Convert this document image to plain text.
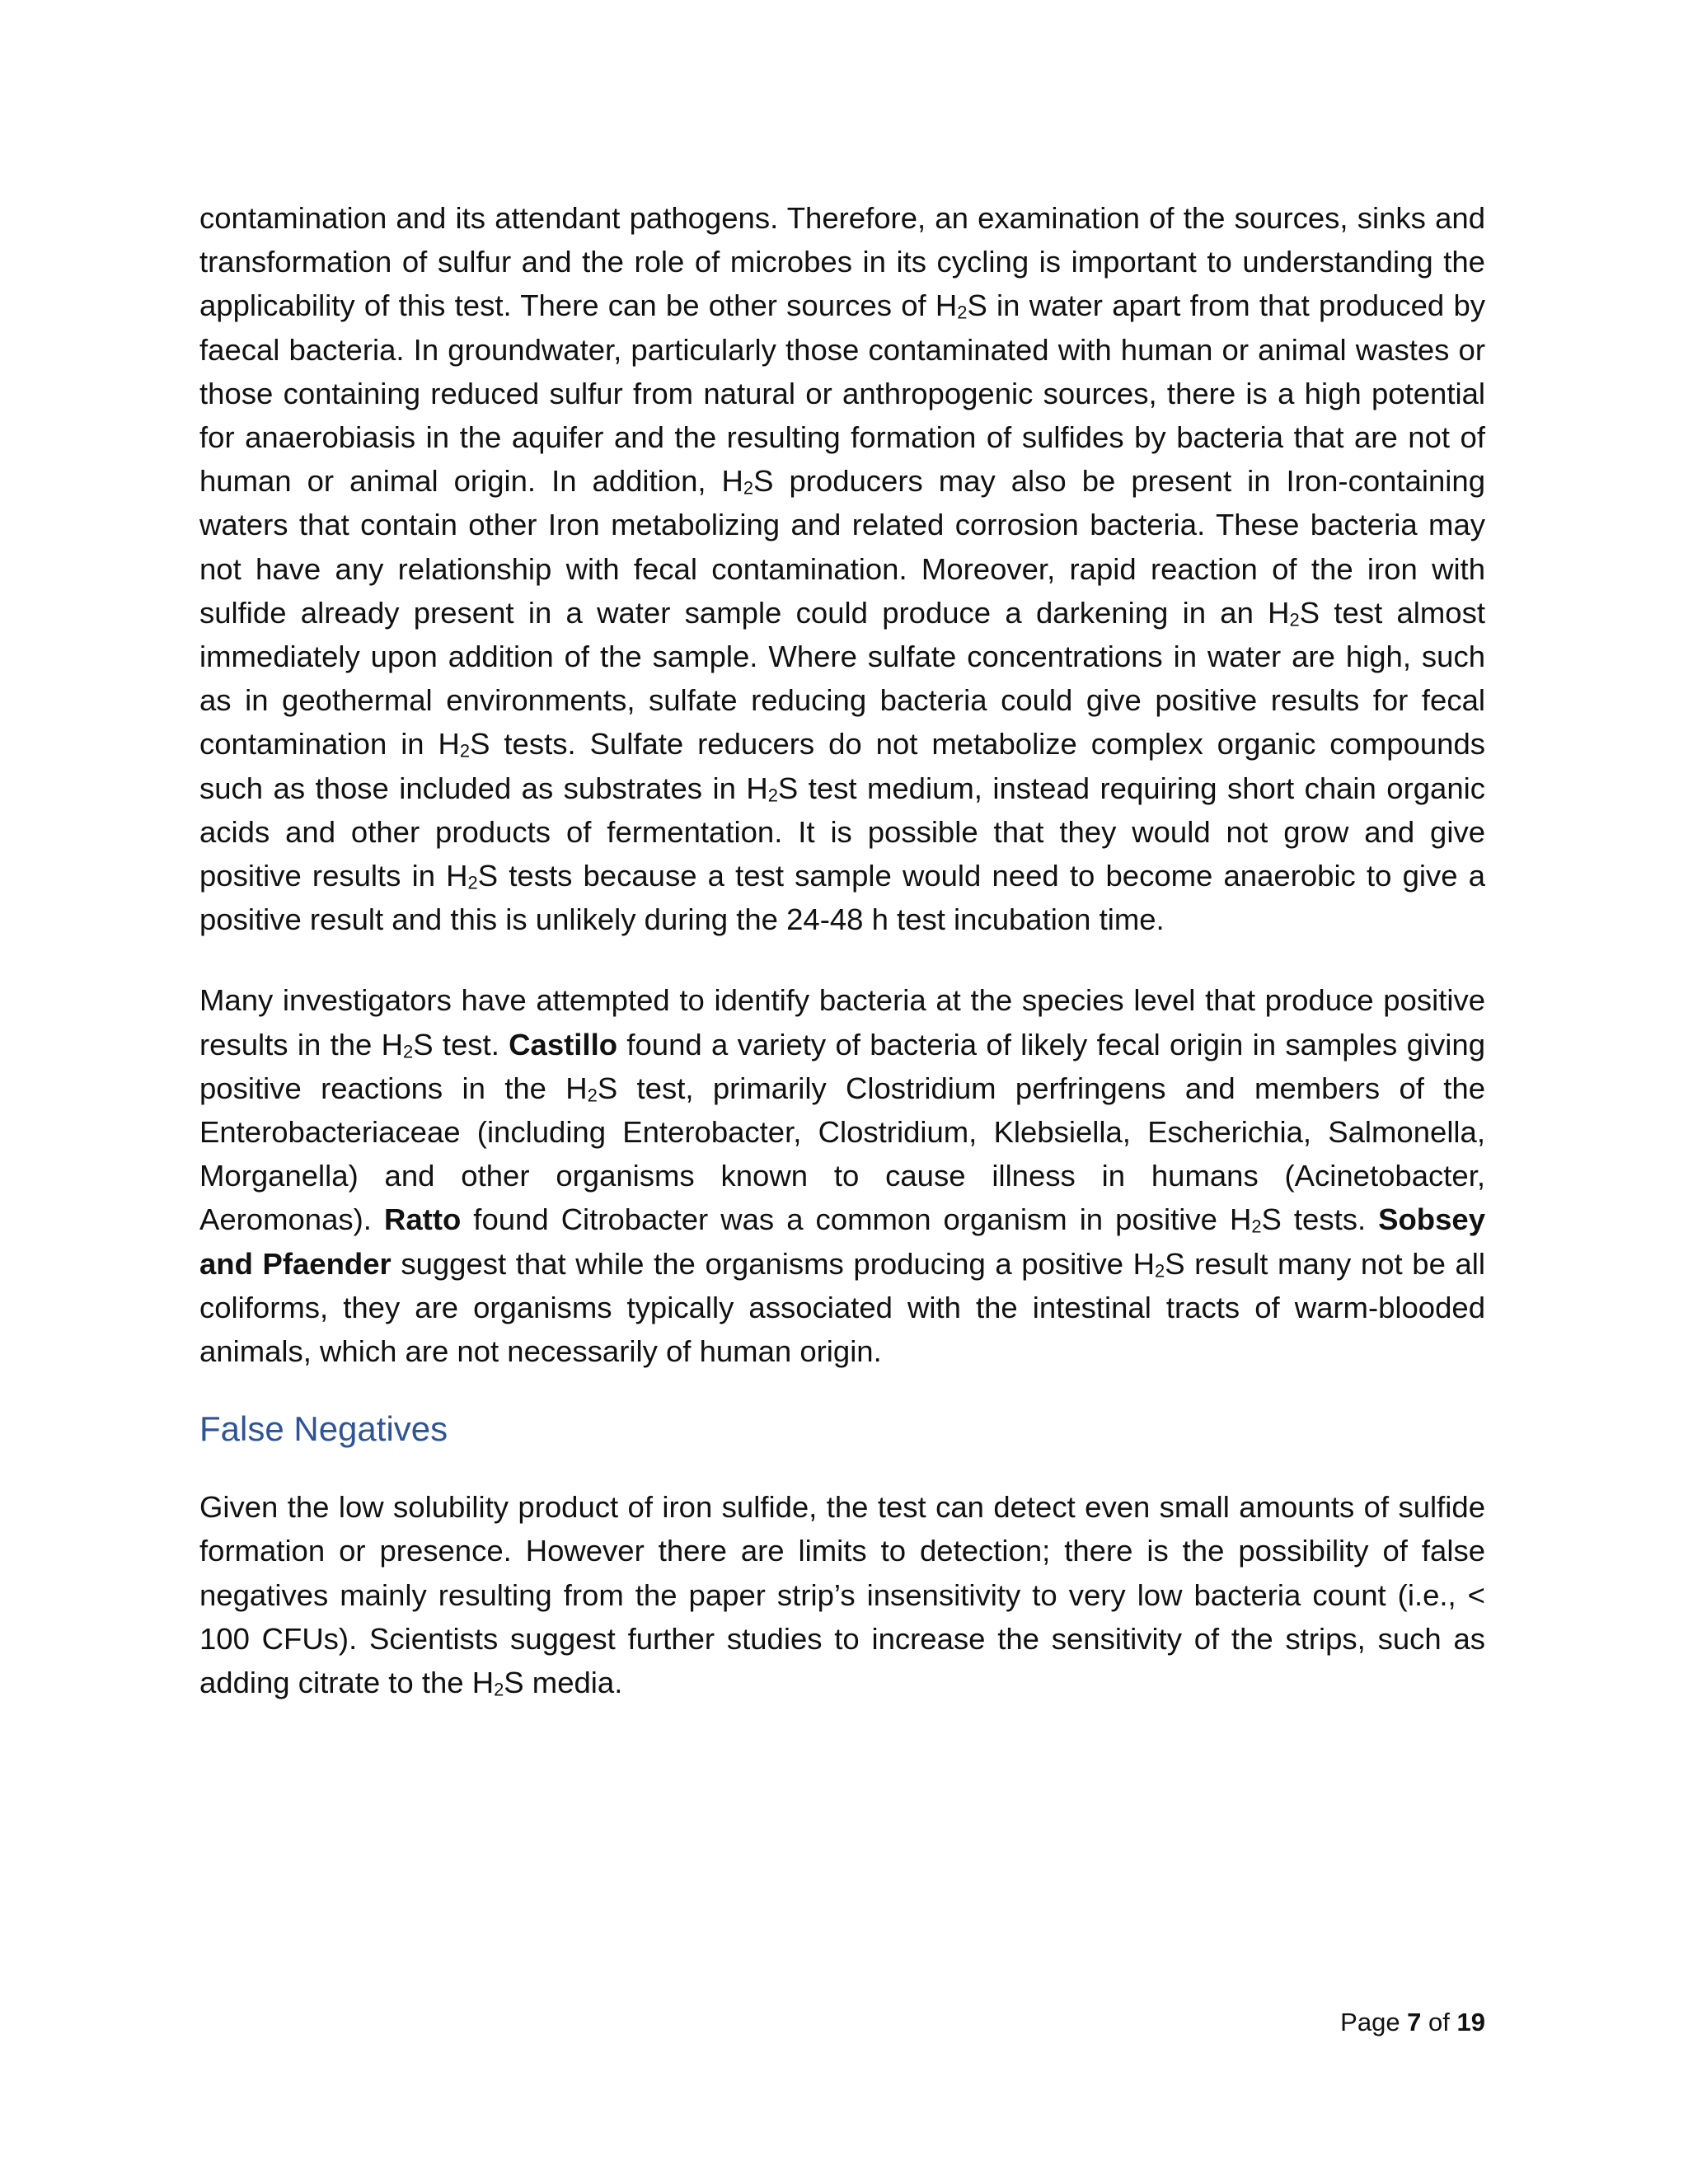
contamination and its attendant pathogens. Therefore, an examination of the sources, sinks and transformation of sulfur and the role of microbes in its cycling is important to understanding the applicability of this test. There can be other sources of $H_2S$ in water apart from that produced by faecal bacteria. In groundwater, particularly those contaminated with human or animal wastes or those containing reduced sulfur from natural or anthropogenic sources, there is a high potential for anaerobiasis in the aquifer and the resulting formation of sulfides by bacteria that are not of human or animal origin. In addition, $H_2S$ producers may also be present in Iron-containing waters that contain other Iron metabolizing and related corrosion bacteria. These bacteria may not have any relationship with fecal contamination. Moreover, rapid reaction of the iron with sulfide already present in a water sample could produce a darkening in an $H_2S$ test almost immediately upon addition of the sample. Where sulfate concentrations in water are high, such as in geothermal environments, sulfate reducing bacteria could give positive results for fecal contamination in $H_2S$ tests. Sulfate reducers do not metabolize complex organic compounds such as those included as substrates in $H_2S$ test medium, instead requiring short chain organic acids and other products of fermentation. It is possible that they would not grow and give positive results in $H_2S$ tests because a test sample would need to become anaerobic to give a positive result and this is unlikely during the 24-48 h test incubation time.

Many investigators have attempted to identify bacteria at the species level that produce positive results in the $H_2S$ test. Castillo found a variety of bacteria of likely fecal origin in samples giving positive reactions in the $H_2S$ test, primarily Clostridium perfringens and members of the Enterobacteriaceae (including Enterobacter, Clostridium, Klebsiella, Escherichia, Salmonella, Morganella) and other organisms known to cause illness in humans (Acinetobacter, Aeromonas). Ratto found Citrobacter was a common organism in positive $H_2S$ tests. Sobsey and Pfaender suggest that while the organisms producing a positive $H_2S$ result many not be all coliforms, they are organisms typically associated with the intestinal tracts of warm-blooded animals, which are not necessarily of human origin.

False Negatives

Given the low solubility product of iron sulfide, the test can detect even small amounts of sulfide formation or presence. However there are limits to detection; there is the possibility of false negatives mainly resulting from the paper strip’s insensitivity to very low bacteria count (i.e., < 100 CFUs). Scientists suggest further studies to increase the sensitivity of the strips, such as adding citrate to the $H_2S$ media.

Page 7 of 19
